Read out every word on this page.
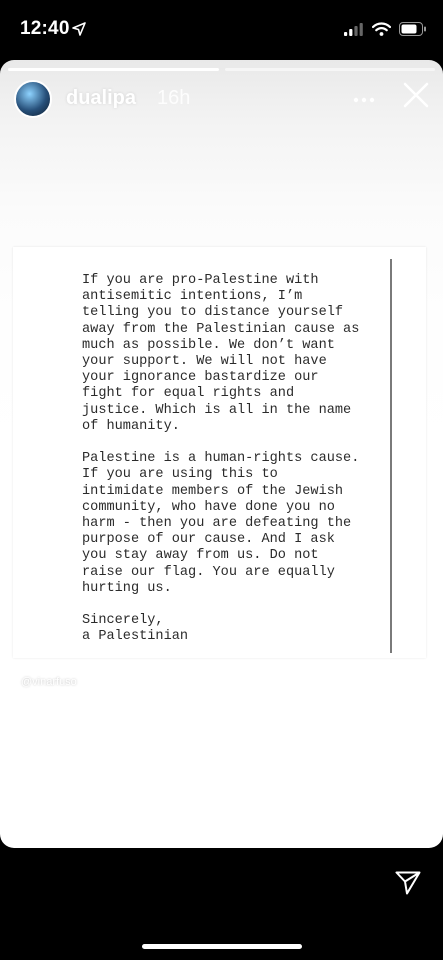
12:40
dualipa 16h
If you are pro-Palestine with
antisemitic intentions, I’m
telling you to distance yourself
away from the Palestinian cause as
much as possible. We don’t want
your support. We will not have
your ignorance bastardize our
fight for equal rights and
justice. Which is all in the name
of humanity.

Palestine is a human-rights cause.
If you are using this to
intimidate members of the Jewish
community, who have done you no
harm - then you are defeating the
purpose of our cause. And I ask
you stay away from us. Do not
raise our flag. You are equally
hurting us.

Sincerely,
a Palestinian
@vinarfuso
